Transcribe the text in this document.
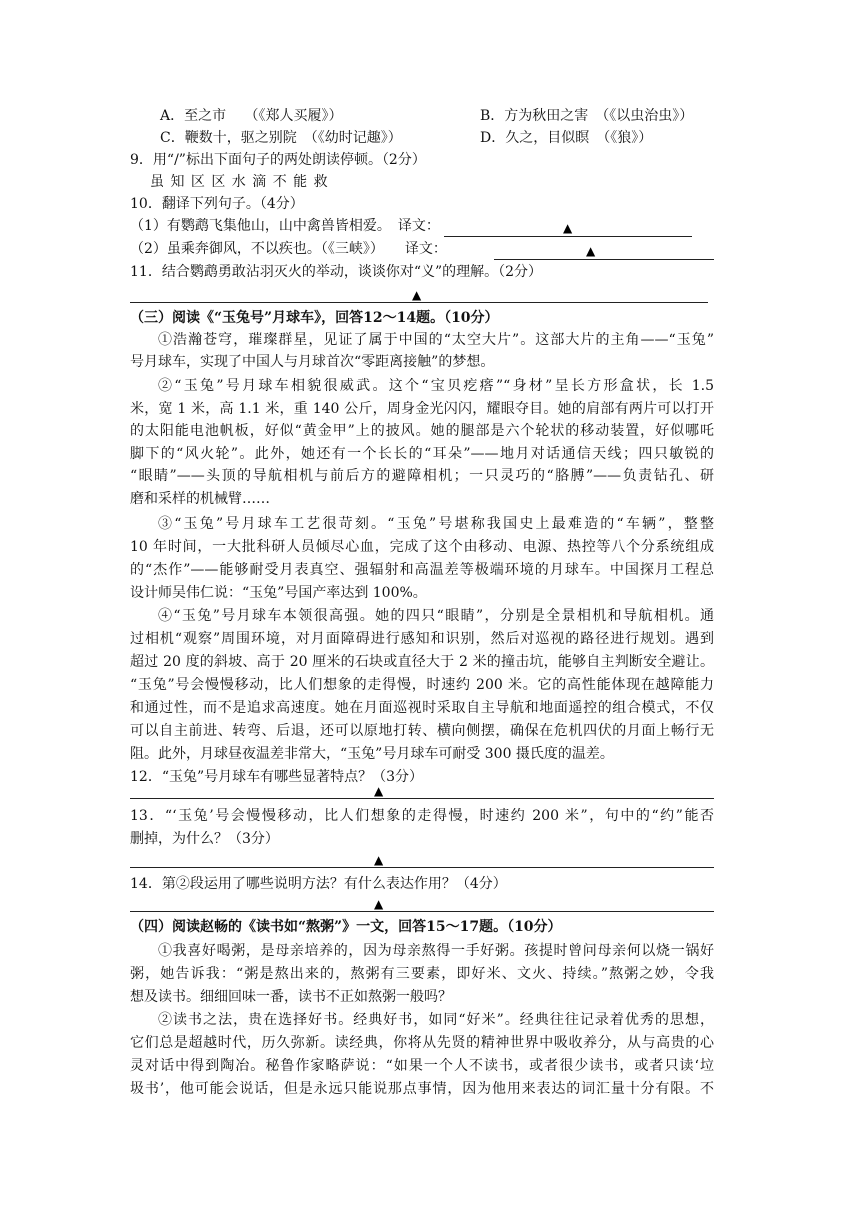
A．至之市　 （《郑人买履》）	B．方为秋田之害　（《以虫治虫》）
C．鞭数十，驱之别院　（《幼时记趣》）	D．久之，目似瞑　（《狼》）
9．用“/”标出下面句子的两处朗读停顿。（2分）
虽 知 区 区 水 滴 不 能 救
10．翻译下列句子。（4分）
（1）有鹦鹉飞集他山，山中禽兽皆相爱。　译文：	▲
（2）虽乘奔御风，不以疾也。（《三峡》）　　译文：	▲
11．结合鹦鹉勇敢沾羽灭火的举动，谈谈你对“义”的理解。（2分）
▲
（三）阅读《“玉兔号”月球车》，回答12～14题。（10分）
①浩瀚苍穹，璀璨群星，见证了属于中国的“太空大片”。这部大片的主角——“玉兔”
号月球车，实现了中国人与月球首次“零距离接触”的梦想。
②“玉兔”号月球车相貌很威武。这个“宝贝疙瘩”“身材”呈长方形盒状，长 1.5
米，宽 1 米，高 1.1 米，重 140 公斤，周身金光闪闪，耀眼夺目。她的肩部有两片可以打开
的太阳能电池帆板，好似“黄金甲”上的披风。她的腿部是六个轮状的移动装置，好似哪吒
脚下的“风火轮”。此外，她还有一个长长的“耳朵”——地月对话通信天线；四只敏锐的
“眼睛”——头顶的导航相机与前后方的避障相机；一只灵巧的“胳膊”——负责钻孔、研
磨和采样的机械臂……
③“玉兔”号月球车工艺很苛刻。“玉兔”号堪称我国史上最难造的“车辆”，整整
10 年时间，一大批科研人员倾尽心血，完成了这个由移动、电源、热控等八个分系统组成
的“杰作”——能够耐受月表真空、强辐射和高温差等极端环境的月球车。中国探月工程总
设计师吴伟仁说：“玉兔”号国产率达到 100%。
④“玉兔”号月球车本领很高强。她的四只“眼睛”，分别是全景相机和导航相机。通
过相机“观察”周围环境，对月面障碍进行感知和识别，然后对巡视的路径进行规划。遇到
超过 20 度的斜坡、高于 20 厘米的石块或直径大于 2 米的撞击坑，能够自主判断安全避让。
“玉兔”号会慢慢移动，比人们想象的走得慢，时速约 200 米。它的高性能体现在越障能力
和通过性，而不是追求高速度。她在月面巡视时采取自主导航和地面遥控的组合模式，不仅
可以自主前进、转弯、后退，还可以原地打转、横向侧摆，确保在危机四伏的月面上畅行无
阻。此外，月球昼夜温差非常大，“玉兔”号月球车可耐受 300 摄氏度的温差。
12．“玉兔”号月球车有哪些显著特点？（3分）
▲
13．“‘玉兔’号会慢慢移动，比人们想象的走得慢，时速约 200 米”，句中的“约”能否
删掉，为什么？（3分）
▲
14．第②段运用了哪些说明方法？有什么表达作用？（4分）
▲
（四）阅读赵畅的《读书如“熬粥”》一文，回答15～17题。（10分）
①我喜好喝粥，是母亲培养的，因为母亲熬得一手好粥。孩提时曾问母亲何以烧一锅好
粥，她告诉我：“粥是熬出来的，熬粥有三要素，即好米、文火、持续。”熬粥之妙，令我
想及读书。细细回味一番，读书不正如熬粥一般吗？
②读书之法，贵在选择好书。经典好书，如同“好米”。经典往往记录着优秀的思想，
它们总是超越时代，历久弥新。读经典，你将从先贤的精神世界中吸收养分，从与高贵的心
灵对话中得到陶冶。秘鲁作家略萨说：“如果一个人不读书，或者很少读书，或者只读‘垃
圾书’，他可能会说话，但是永远只能说那点事情，因为他用来表达的词汇量十分有限。不
